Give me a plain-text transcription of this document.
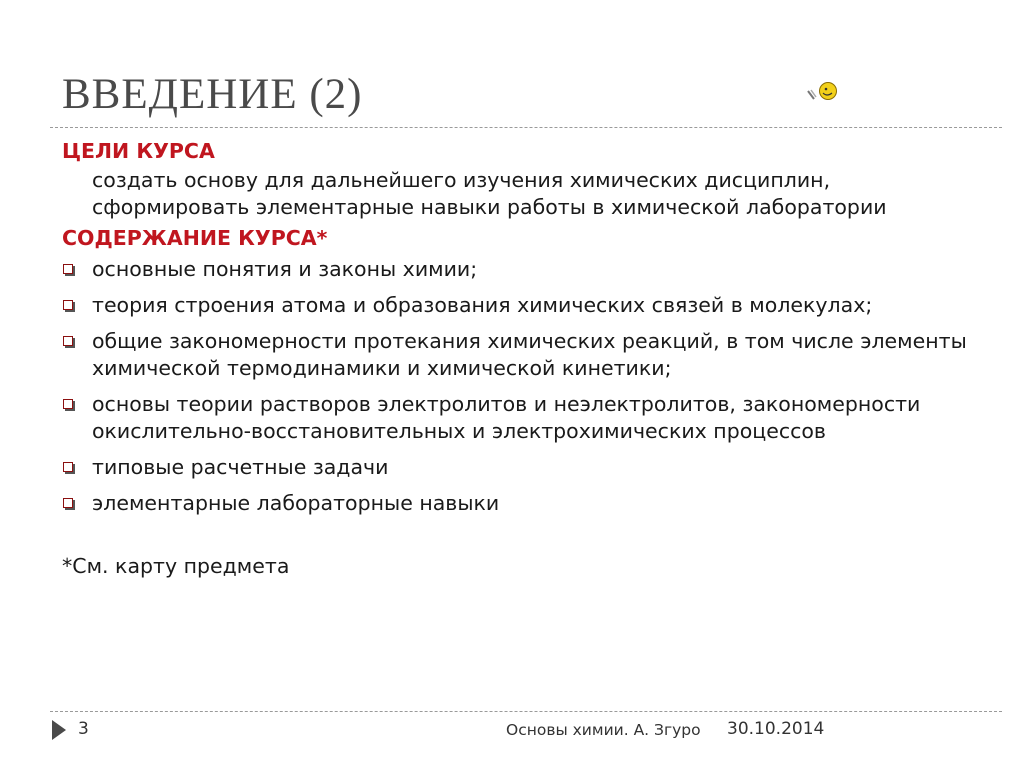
ВВЕДЕНИЕ (2)

ЦЕЛИ КУРСА

создать основу для дальнейшего изучения химических дисциплин, сформировать элементарные навыки работы в химической лаборатории

СОДЕРЖАНИЕ КУРСА*

основные понятия и законы химии;
теория строения атома и образования химических связей в молекулах;
общие закономерности протекания химических реакций, в том числе элементы химической термодинамики и химической кинетики;
основы теории растворов электролитов и неэлектролитов, закономерности окислительно-восстановительных и электрохимических процессов
типовые расчетные задачи
элементарные лабораторные навыки

*См. карту предмета

3	Основы химии. А. Згуро 30.10.2014
